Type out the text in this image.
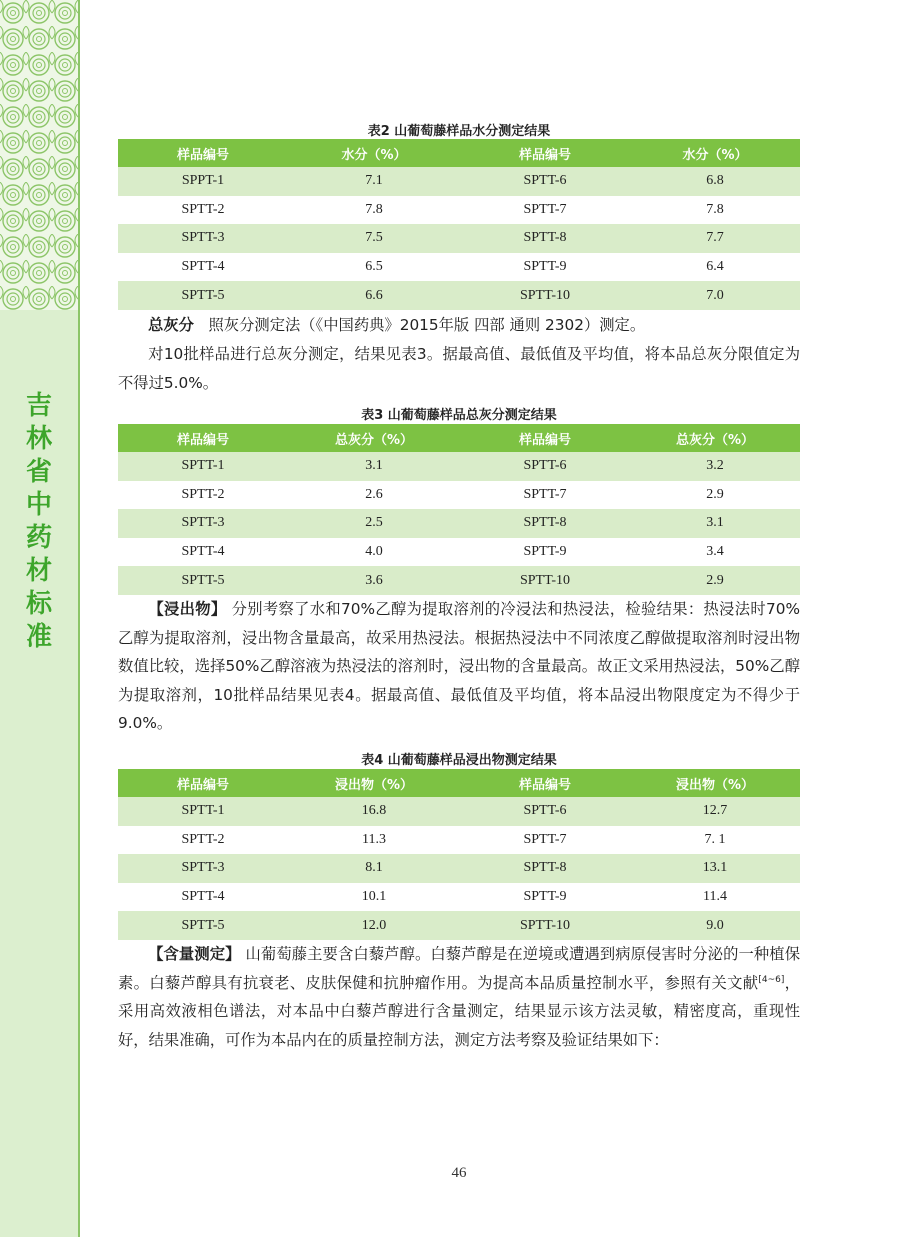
吉
林
省
中
药
材
标
准
表2 山葡萄藤样品水分测定结果
样品编号	水分（%）	样品编号	水分（%）
SPPT-1	7.1	SPTT-6	6.8
SPTT-2	7.8	SPTT-7	7.8
SPTT-3	7.5	SPTT-8	7.7
SPTT-4	6.5	SPTT-9	6.4
SPTT-5	6.6	SPTT-10	7.0
总灰分 照灰分测定法（《中国药典》2015年版 四部 通则 2302）测定。
对10批样品进行总灰分测定，结果见表3。据最高值、最低值及平均值，将本品总灰分限值定为不得过5.0%。
表3 山葡萄藤样品总灰分测定结果
样品编号	总灰分（%）	样品编号	总灰分（%）
SPTT-1	3.1	SPTT-6	3.2
SPTT-2	2.6	SPTT-7	2.9
SPTT-3	2.5	SPTT-8	3.1
SPTT-4	4.0	SPTT-9	3.4
SPTT-5	3.6	SPTT-10	2.9
【浸出物】 分别考察了水和70%乙醇为提取溶剂的冷浸法和热浸法，检验结果：热浸法时70%乙醇为提取溶剂，浸出物含量最高，故采用热浸法。根据热浸法中不同浓度乙醇做提取溶剂时浸出物数值比较，选择50%乙醇溶液为热浸法的溶剂时，浸出物的含量最高。故正文采用热浸法，50%乙醇为提取溶剂，10批样品结果见表4。据最高值、最低值及平均值，将本品浸出物限度定为不得少于9.0%。
表4 山葡萄藤样品浸出物测定结果
样品编号	浸出物（%）	样品编号	浸出物（%）
SPTT-1	16.8	SPTT-6	12.7
SPTT-2	11.3	SPTT-7	7. 1
SPTT-3	8.1	SPTT-8	13.1
SPTT-4	10.1	SPTT-9	11.4
SPTT-5	12.0	SPTT-10	9.0
【含量测定】 山葡萄藤主要含白藜芦醇。白藜芦醇是在逆境或遭遇到病原侵害时分泌的一种植保素。白藜芦醇具有抗衰老、皮肤保健和抗肿瘤作用。为提高本品质量控制水平，参照有关文献[4~6]，采用高效液相色谱法，对本品中白藜芦醇进行含量测定，结果显示该方法灵敏，精密度高，重现性好，结果准确，可作为本品内在的质量控制方法，测定方法考察及验证结果如下：
46
